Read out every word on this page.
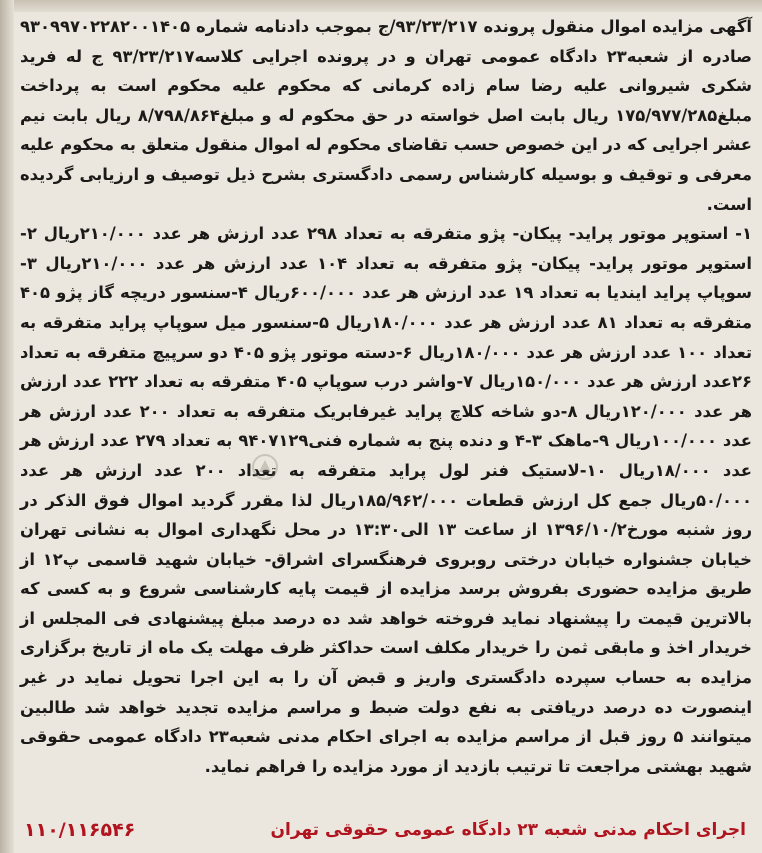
آگهی مزایده اموال منقول پرونده ۹۳/۲۳/۲۱۷/ج بموجب دادنامه شماره ۹۳۰۹۹۷۰۲۲۸۲۰۰۱۴۰۵ صادره از شعبه۲۳ دادگاه عمومی تهران و در پرونده اجرایی کلاسه۹۳/۲۳/۲۱۷ ج له فرید شکری شیروانی علیه رضا سام زاده کرمانی که محکوم علیه محکوم است به پرداخت مبلغ۱۷۵/۹۷۷/۲۸۵ ریال بابت اصل خواسته در حق محکوم له و مبلغ۸/۷۹۸/۸۶۴ ریال بابت نیم عشر اجرایی که در این خصوص حسب تقاضای محکوم له اموال منقول متعلق به محکوم علیه معرفی و توقیف و بوسیله کارشناس رسمی دادگستری بشرح ذیل توصیف و ارزیابی گردیده است.

۱- استوپر موتور پراید- پیکان- پژو متفرقه به تعداد ۲۹۸ عدد ارزش هر عدد ۲۱۰/۰۰۰ریال ۲-استوپر موتور پراید- پیکان- پژو متفرقه به تعداد ۱۰۴ عدد ارزش هر عدد ۲۱۰/۰۰۰ریال ۳-سوپاپ پراید ایندیا به تعداد ۱۹ عدد ارزش هر عدد ۶۰۰/۰۰۰ریال ۴-سنسور دریچه گاز پژو ۴۰۵ متفرقه به تعداد ۸۱ عدد ارزش هر عدد ۱۸۰/۰۰۰ریال ۵-سنسور میل سوپاپ پراید متفرقه به تعداد ۱۰۰ عدد ارزش هر عدد ۱۸۰/۰۰۰ریال ۶-دسته موتور پژو ۴۰۵ دو سرپیچ متفرقه به تعداد ۲۶عدد ارزش هر عدد ۱۵۰/۰۰۰ریال ۷-واشر درب سوپاپ ۴۰۵ متفرقه به تعداد ۲۲۲ عدد ارزش هر عدد ۱۲۰/۰۰۰ریال ۸-دو شاخه کلاچ پراید غیرفابریک متفرقه به تعداد ۲۰۰ عدد ارزش هر عدد ۱۰۰/۰۰۰ریال ۹-ماهک ۳-۴ و دنده پنج به شماره فنی۹۴۰۷۱۲۹ به تعداد ۲۷۹ عدد ارزش هر عدد ۱۸/۰۰۰ریال ۱۰-لاستیک فنر لول پراید متفرقه به تعداد ۲۰۰ عدد ارزش هر عدد ۵۰/۰۰۰ریال جمع کل ارزش قطعات ۱۸۵/۹۶۲/۰۰۰ریال لذا مقرر گردید اموال فوق الذکر در روز شنبه مورخ۱۳۹۶/۱۰/۲ از ساعت ۱۳ الی۱۳:۳۰ در محل نگهداری اموال به نشانی تهران خیابان جشنواره خیابان درختی روبروی فرهنگسرای اشراق- خیابان شهید قاسمی پ۱۲ از طریق مزایده حضوری بفروش برسد مزایده از قیمت پایه کارشناسی شروع و به کسی که بالاترین قیمت را پیشنهاد نماید فروخته خواهد شد ده درصد مبلغ پیشنهادی فی المجلس از خریدار اخذ و مابقی ثمن را خریدار مکلف است حداکثر ظرف مهلت یک ماه از تاریخ برگزاری مزایده به حساب سپرده دادگستری واریز و قبض آن را به این اجرا تحویل نماید در غیر اینصورت ده درصد دریافتی به نفع دولت ضبط و مراسم مزایده تجدید خواهد شد طالبین میتوانند ۵ روز قبل از مراسم مزایده به اجرای احکام مدنی شعبه۲۳ دادگاه عمومی حقوقی شهید بهشتی مراجعت تا ترتیب بازدید از مورد مزایده را فراهم نماید.

اجرای احکام مدنی شعبه ۲۳ دادگاه عمومی حقوقی تهران
۱۱۰/۱۱۶۵۴۶
